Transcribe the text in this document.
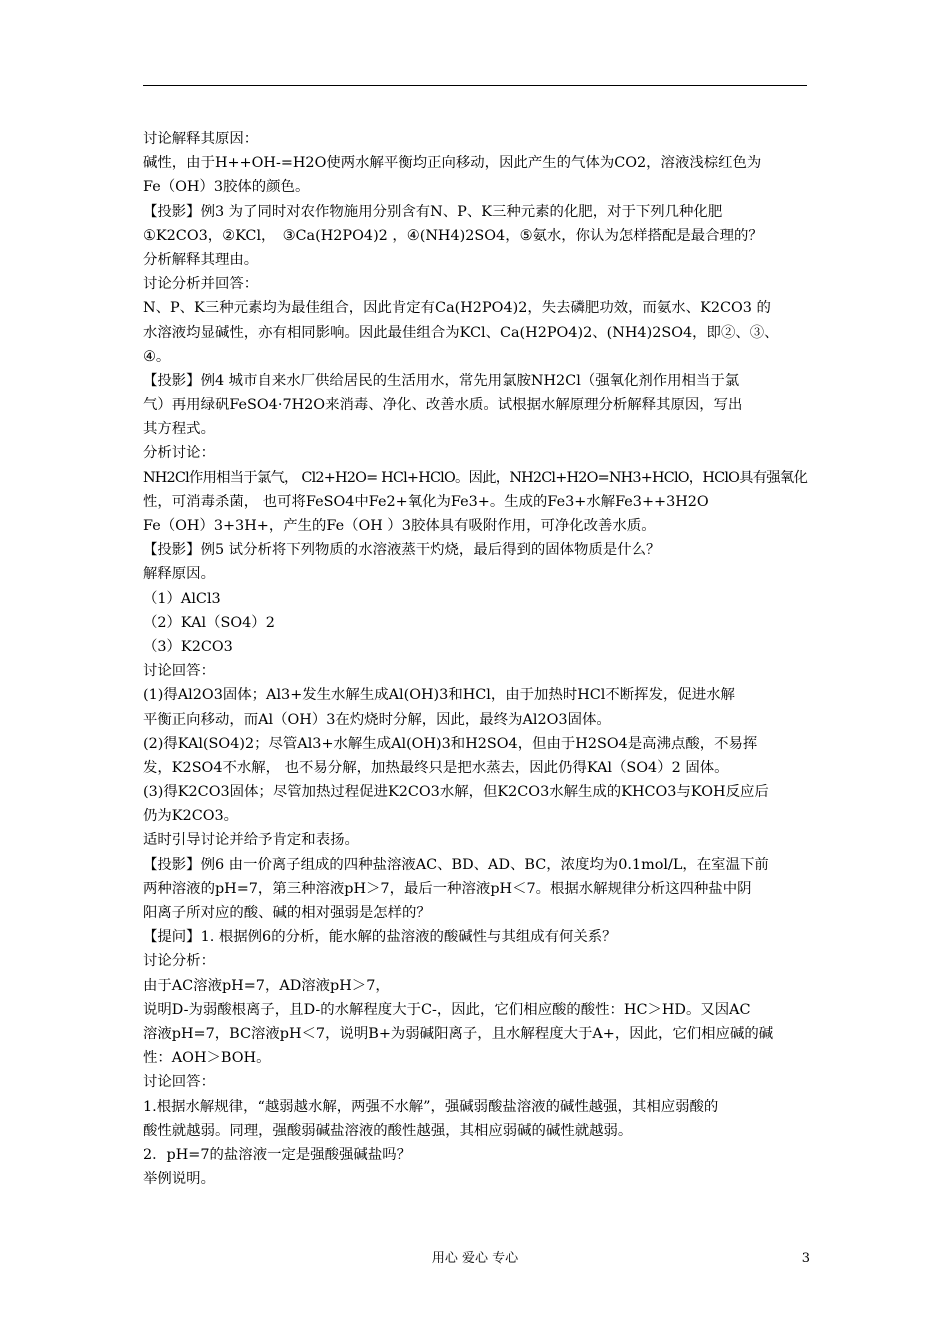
讨论解释其原因：
碱性，由于H++OH-=H2O使两水解平衡均正向移动，因此产生的气体为CO2，溶液浅棕红色为
Fe（OH）3胶体的颜色。
【投影】例3 为了同时对农作物施用分别含有N、P、K三种元素的化肥，对于下列几种化肥
①K2CO3，②KCl，　③Ca(H2PO4)2 ，④(NH4)2SO4，⑤氨水，你认为怎样搭配是最合理的？
分析解释其理由。
讨论分析并回答：
N、P、K三种元素均为最佳组合，因此肯定有Ca(H2PO4)2，失去磷肥功效，而氨水、K2CO3 的
水溶液均显碱性，亦有相同影响。因此最佳组合为KCl、Ca(H2PO4)2、(NH4)2SO4，即②、③、
④。
【投影】例4 城市自来水厂供给居民的生活用水，常先用氯胺NH2Cl（强氧化剂作用相当于氯
气）再用绿矾FeSO4·7H2O来消毒、净化、改善水质。试根据水解原理分析解释其原因，写出
其方程式。
分析讨论：
NH2Cl作用相当于氯气， Cl2+H2O= HCl+HClO。因此，NH2Cl+H2O=NH3+HClO，HClO具有强氧化
性，可消毒杀菌， 也可将FeSO4中Fe2+氧化为Fe3+。生成的Fe3+水解Fe3++3H2O
Fe（OH）3+3H+，产生的Fe（OH ）3胶体具有吸附作用，可净化改善水质。
【投影】例5 试分析将下列物质的水溶液蒸干灼烧，最后得到的固体物质是什么？
解释原因。
（1）AlCl3
（2）KAl（SO4）2
（3）K2CO3
讨论回答：
(1)得Al2O3固体；Al3+发生水解生成Al(OH)3和HCl，由于加热时HCl不断挥发，促进水解
平衡正向移动，而Al（OH）3在灼烧时分解，因此，最终为Al2O3固体。
(2)得KAl(SO4)2；尽管Al3+水解生成Al(OH)3和H2SO4，但由于H2SO4是高沸点酸，不易挥
发，K2SO4不水解， 也不易分解，加热最终只是把水蒸去，因此仍得KAl（SO4）2 固体。
(3)得K2CO3固体；尽管加热过程促进K2CO3水解，但K2CO3水解生成的KHCO3与KOH反应后
仍为K2CO3。
适时引导讨论并给予肯定和表扬。
【投影】例6 由一价离子组成的四种盐溶液AC、BD、AD、BC，浓度均为0.1mol/L，在室温下前
两种溶液的pH=7，第三种溶液pH＞7，最后一种溶液pH＜7。根据水解规律分析这四种盐中阴
阳离子所对应的酸、碱的相对强弱是怎样的？
【提问】1. 根据例6的分析，能水解的盐溶液的酸碱性与其组成有何关系？
讨论分析：
由于AC溶液pH=7，AD溶液pH＞7，
说明D-为弱酸根离子，且D-的水解程度大于C-，因此，它们相应酸的酸性：HC＞HD。又因AC
溶液pH=7，BC溶液pH＜7，说明B+为弱碱阳离子，且水解程度大于A+，因此，它们相应碱的碱
性：AOH＞BOH。
讨论回答：
1.根据水解规律，“越弱越水解，两强不水解”，强碱弱酸盐溶液的碱性越强，其相应弱酸的
酸性就越弱。同理，强酸弱碱盐溶液的酸性越强，其相应弱碱的碱性就越弱。
2．pH=7的盐溶液一定是强酸强碱盐吗？
举例说明。
用心 爱心 专心	3
